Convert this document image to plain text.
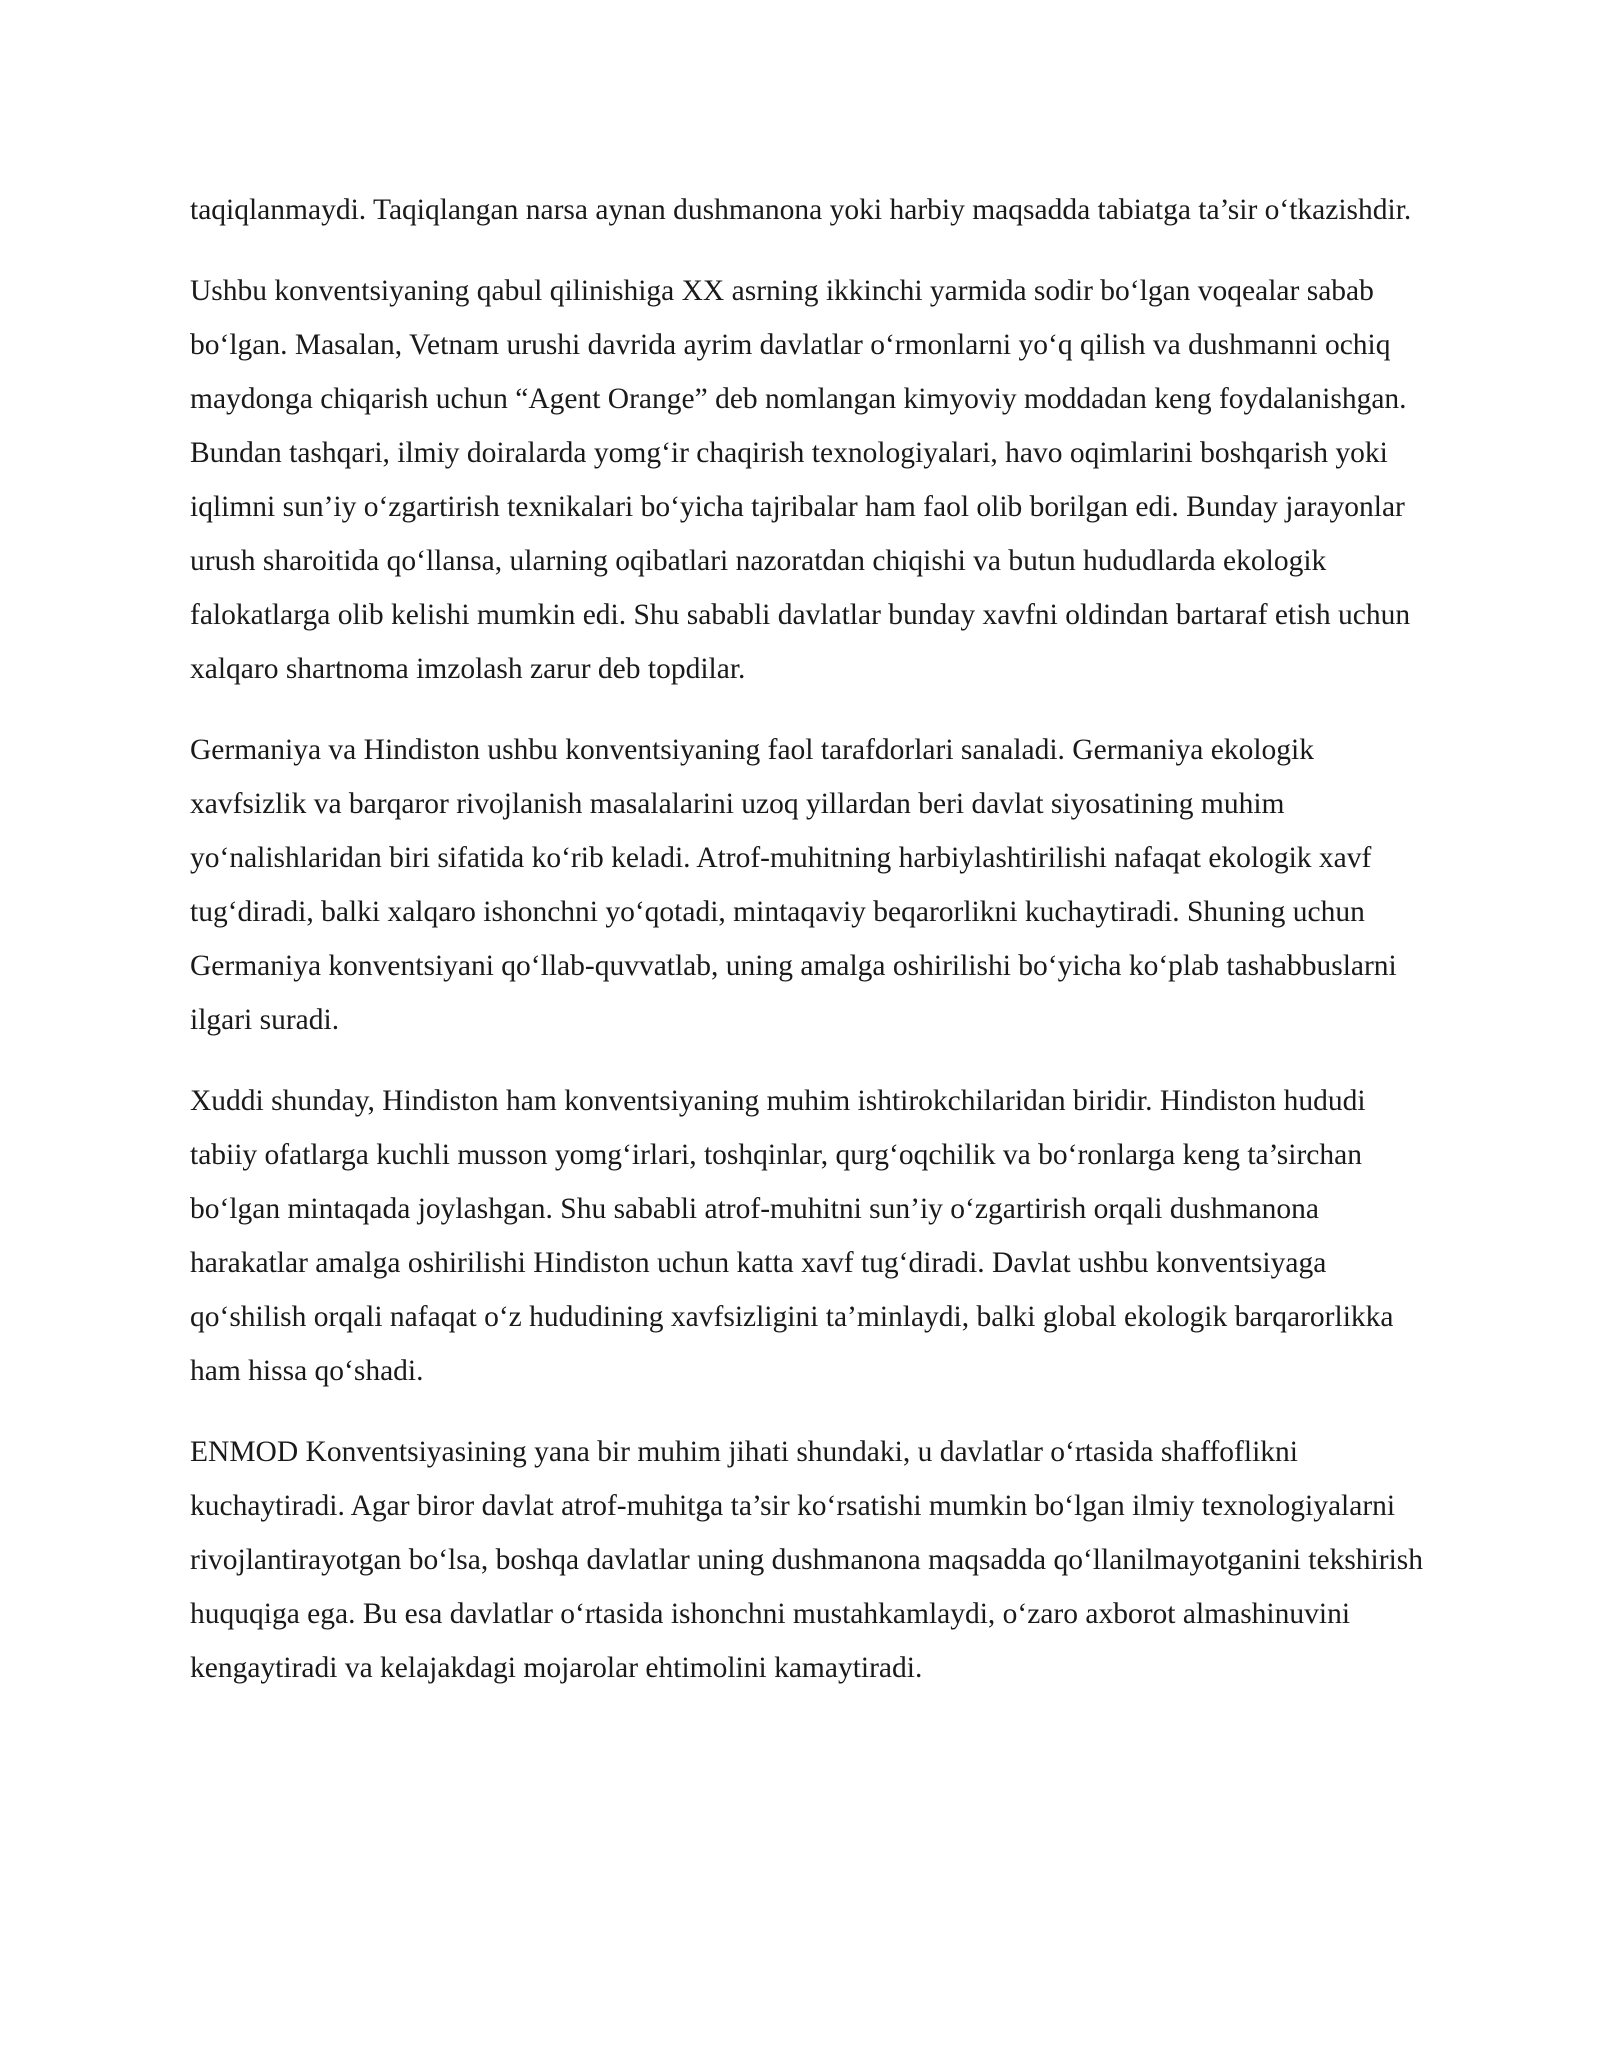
taqiqlanmaydi. Taqiqlangan narsa aynan dushmanona yoki harbiy maqsadda tabiatga ta’sir o‘tkazishdir.

Ushbu konventsiyaning qabul qilinishiga XX asrning ikkinchi yarmida sodir bo‘lgan voqealar sabab bo‘lgan. Masalan, Vetnam urushi davrida ayrim davlatlar o‘rmonlarni yo‘q qilish va dushmanni ochiq maydonga chiqarish uchun “Agent Orange” deb nomlangan kimyoviy moddadan keng foydalanishgan. Bundan tashqari, ilmiy doiralarda yomg‘ir chaqirish texnologiyalari, havo oqimlarini boshqarish yoki iqlimni sun’iy o‘zgartirish texnikalari bo‘yicha tajribalar ham faol olib borilgan edi. Bunday jarayonlar urush sharoitida qo‘llansa, ularning oqibatlari nazoratdan chiqishi va butun hududlarda ekologik falokatlarga olib kelishi mumkin edi. Shu sababli davlatlar bunday xavfni oldindan bartaraf etish uchun xalqaro shartnoma imzolash zarur deb topdilar.

Germaniya va Hindiston ushbu konventsiyaning faol tarafdorlari sanaladi. Germaniya ekologik xavfsizlik va barqaror rivojlanish masalalarini uzoq yillardan beri davlat siyosatining muhim yo‘nalishlaridan biri sifatida ko‘rib keladi. Atrof-muhitning harbiylashtirilishi nafaqat ekologik xavf tug‘diradi, balki xalqaro ishonchni yo‘qotadi, mintaqaviy beqarorlikni kuchaytiradi. Shuning uchun Germaniya konventsiyani qo‘llab-quvvatlab, uning amalga oshirilishi bo‘yicha ko‘plab tashabbuslarni ilgari suradi.

Xuddi shunday, Hindiston ham konventsiyaning muhim ishtirokchilaridan biridir. Hindiston hududi tabiiy ofatlarga kuchli musson yomg‘irlari, toshqinlar, qurg‘oqchilik va bo‘ronlarga keng ta’sirchan bo‘lgan mintaqada joylashgan. Shu sababli atrof-muhitni sun’iy o‘zgartirish orqali dushmanona harakatlar amalga oshirilishi Hindiston uchun katta xavf tug‘diradi. Davlat ushbu konventsiyaga qo‘shilish orqali nafaqat o‘z hududining xavfsizligini ta’minlaydi, balki global ekologik barqarorlikka ham hissa qo‘shadi.

ENMOD Konventsiyasining yana bir muhim jihati shundaki, u davlatlar o‘rtasida shaffoflikni kuchaytiradi. Agar biror davlat atrof-muhitga ta’sir ko‘rsatishi mumkin bo‘lgan ilmiy texnologiyalarni rivojlantirayotgan bo‘lsa, boshqa davlatlar uning dushmanona maqsadda qo‘llanilmayotganini tekshirish huquqiga ega. Bu esa davlatlar o‘rtasida ishonchni mustahkamlaydi, o‘zaro axborot almashinuvini kengaytiradi va kelajakdagi mojarolar ehtimolini kamaytiradi.
